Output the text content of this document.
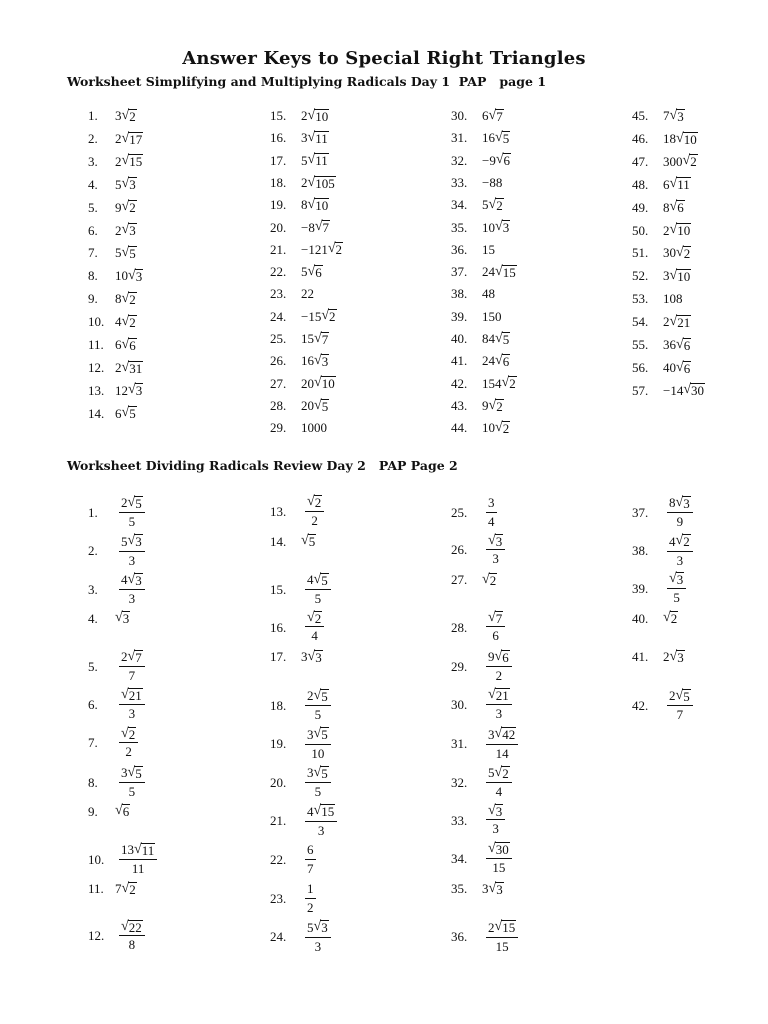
Answer Keys to Special Right Triangles
Worksheet Simplifying and Multiplying Radicals Day 1  PAP   page 1
Worksheet Dividing Radicals Review Day 2   PAP Page 2
1.	3 √ 2
2.	2 √ 17
3.	2 √ 15
4.	5 √ 3
5.	9 √ 2
6.	2 √ 3
7.	5 √ 5
8.	10 √ 3
9.	8 √ 2
10. 4 √ 2
11. 6 √ 6
12. 2 √ 31
13. 12 √ 3
14. 6 √ 5
15.	2 √ 10
16.	3 √ 11
17.	5 √ 11
18.	2 √ 105
19.	8 √ 10
20.	−8 √ 7
21.	−121 √ 2
22.	5 √ 6
23.	22
24.	−15 √ 2
25.	15 √ 7
26.	16 √ 3
27.	20 √ 10
28.	20 √ 5
29.	1000
30.	6 √ 7
31.	16 √ 5
32.	−9 √ 6
33.	−88
34.	5 √ 2
35.	10 √ 3
36.	15
37.	24 √ 15
38.	48
39.	150
40.	84 √ 5
41.	24 √ 6
42.	154 √ 2
43.	9 √ 2
44.	10 √ 2
45.	7 √ 3
46.	18 √ 10
47.	300 √ 2
48.	6 √ 11
49.	8 √ 6
50.	2 √ 10
51.	30 √ 2
52.	3 √ 10
53.	108
54.	2 √ 21
55.	36 √ 6
56.	40 √ 6
57.	−14 √ 30
1.	$\frac{2 √ 5}{5}$
2.	$\frac{5 √ 3}{3}$
3.	$\frac{4 √ 3}{3}$
4.	√ 3
5.	$\frac{2 √ 7}{7}$
6.	$\frac{√ 21}{3}$
7.	$\frac{√ 2}{2}$
8.	$\frac{3 √ 5}{5}$
9.	√ 6
10.	$\frac{13 √ 11}{11}$
11. 7 √ 2
12.	$\frac{√ 22}{8}$
13.	$\frac{√ 2}{2}$
14.	√ 5
15.	$\frac{4 √ 5}{5}$
16.	$\frac{√ 2}{4}$
17.	3 √ 3
18.	$\frac{2 √ 5}{5}$
19.	$\frac{3 √ 5}{10}$
20.	$\frac{3 √ 5}{5}$
21.	$\frac{4 √ 15}{3}$
22.	$\frac{6}{7}$
23.	$\frac{1}{2}$
24.	$\frac{5 √ 3}{3}$
25.	$\frac{3}{4}$
26.	$\frac{√ 3}{3}$
27.	√ 2
28.	$\frac{√ 7}{6}$
29.	$\frac{9 √ 6}{2}$
30.	$\frac{√ 21}{3}$
31.	$\frac{3 √ 42}{14}$
32.	$\frac{5 √ 2}{4}$
33.	$\frac{√ 3}{3}$
34.	$\frac{√ 30}{15}$
35.	3 √ 3
36.	$\frac{2 √ 15}{15}$
37.	$\frac{8 √ 3}{9}$
38.	$\frac{4 √ 2}{3}$
39.	$\frac{√ 3}{5}$
40.	√ 2
41.	2 √ 3
42.	$\frac{2 √ 5}{7}$
